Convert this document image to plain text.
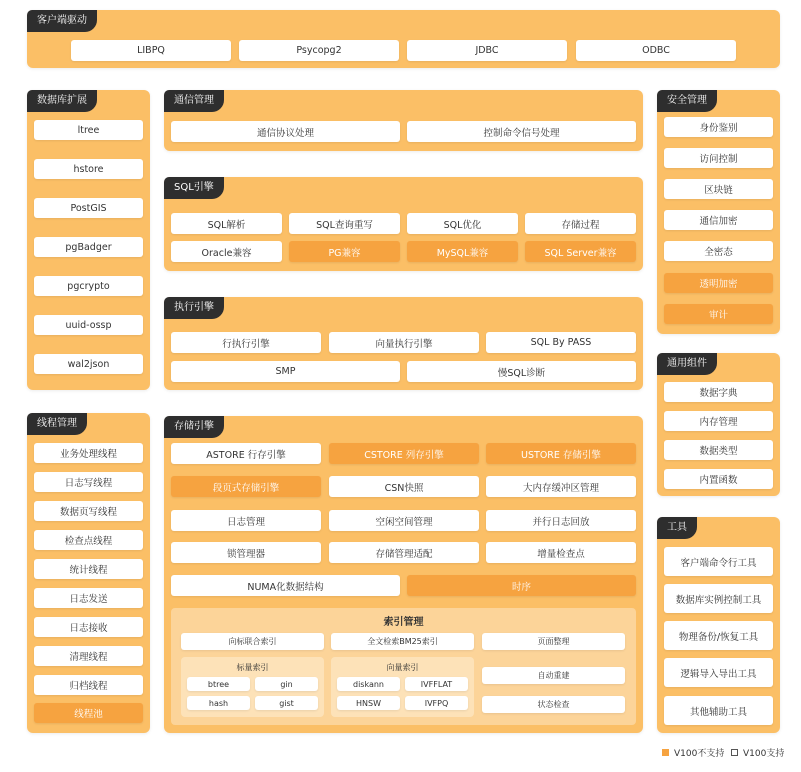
客户端驱动
LIBPQ	Psycopg2	JDBC	ODBC
数据库扩展
ltree
hstore
PostGIS
pgBadger
pgcrypto
uuid-ossp
wal2json
通信管理
通信协议处理	控制命令信号处理
SQL引擎
SQL解析	SQL查询重写	SQL优化	存储过程
Oracle兼容	PG兼容	MySQL兼容	SQL Server兼容
执行引擎
行执行引擎	向量执行引擎	SQL By PASS
SMP	慢SQL诊断
安全管理
身份鉴别
访问控制
区块链
通信加密
全密态
透明加密
审计
通用组件
数据字典
内存管理
数据类型
内置函数
线程管理
业务处理线程
日志写线程
数据页写线程
检查点线程
统计线程
日志发送
日志接收
清理线程
归档线程
线程池
存储引擎
ASTORE 行存引擎	CSTORE 列存引擎	USTORE 存储引擎
段页式存储引擎	CSN快照	大内存缓冲区管理
日志管理	空闲空间管理	并行日志回放
锁管理器	存储管理适配	增量检查点
NUMA化数据结构	时序
索引管理
向标联合索引	全文检索BM25索引	页面整理
标量索引
btree	gin
hash	gist
向量索引
diskann	IVFFLAT
HNSW	IVFPQ
自动重建
状态检查
工具
客户端命令行工具
数据库实例控制工具
物理备份/恢复工具
逻辑导入导出工具
其他辅助工具
V100不支持 V100支持
